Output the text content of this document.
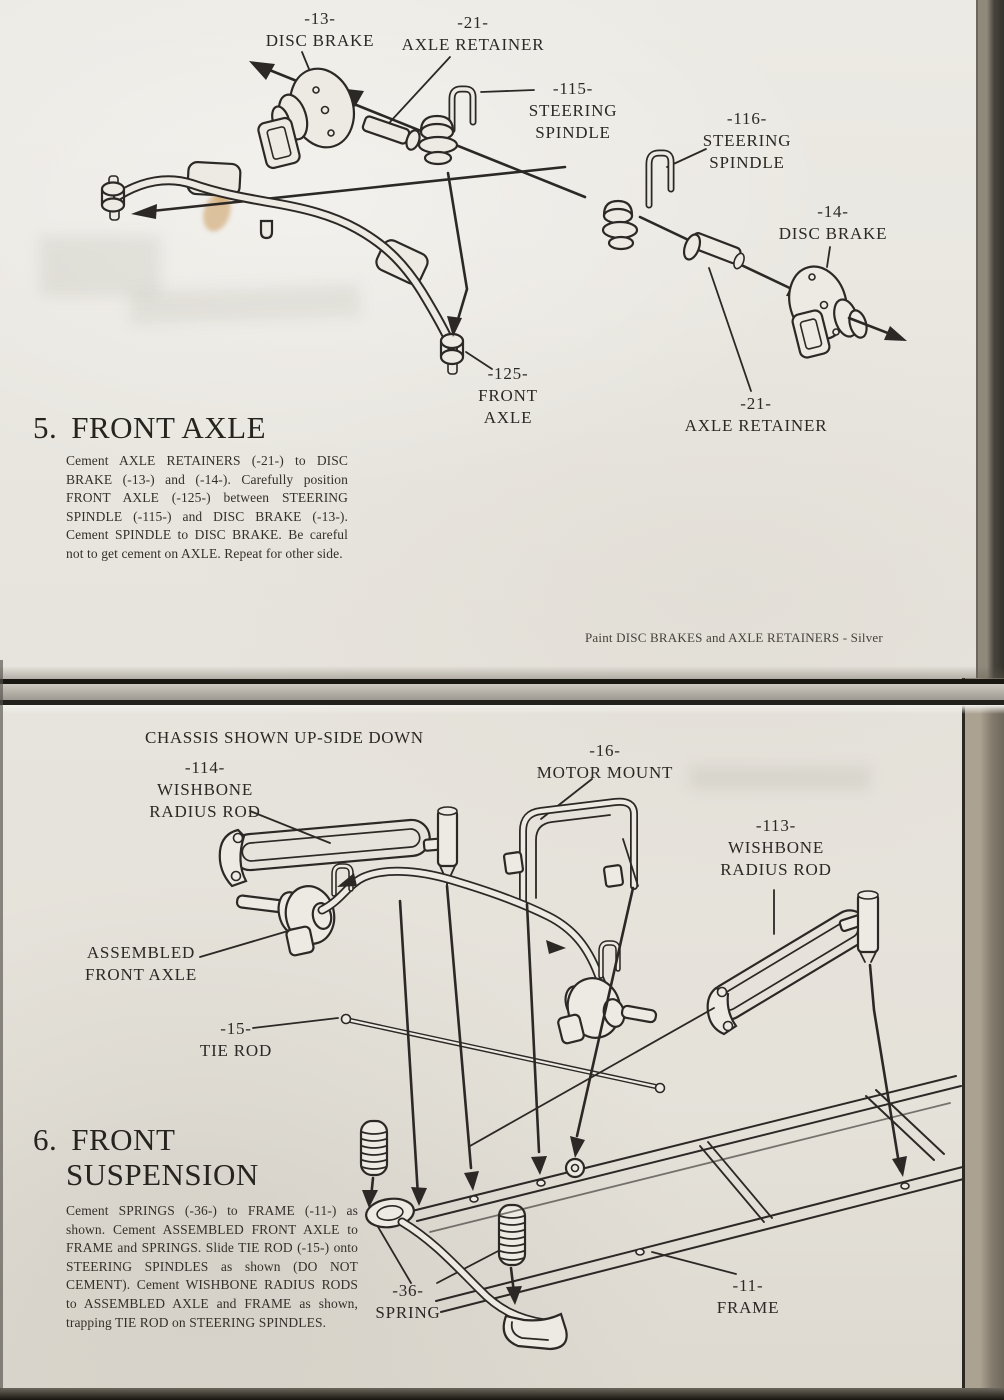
-13-
DISC BRAKE
-21-
AXLE RETAINER
-115-
STEERING
SPINDLE
-116-
STEERING
SPINDLE
-14-
DISC BRAKE
-125-
FRONT
AXLE
-21-
AXLE RETAINER
5. FRONT AXLE
Cement AXLE RETAINERS (-21-) to DISC BRAKE (-13-) and (-14-). Carefully position FRONT AXLE (-125-) between STEERING SPINDLE (-115-) and DISC BRAKE (-13-). Cement SPINDLE to DISC BRAKE. Be careful not to get cement on AXLE. Repeat for other side.
Paint DISC BRAKES and AXLE RETAINERS - Silver
CHASSIS SHOWN UP-SIDE DOWN
-114-
WISHBONE
RADIUS ROD
-16-
MOTOR MOUNT
-113-
WISHBONE
RADIUS ROD
ASSEMBLED
FRONT AXLE
-15-
TIE ROD
-36-
SPRING
-11-
FRAME
6. FRONT
SUSPENSION
Cement SPRINGS (-36-) to FRAME (-11-) as shown. Cement ASSEMBLED FRONT AXLE to FRAME and SPRINGS. Slide TIE ROD (-15-) onto STEERING SPINDLES as shown (DO NOT CEMENT). Cement WISHBONE RADIUS RODS to ASSEMBLED AXLE and FRAME as shown, trapping TIE ROD on STEERING SPINDLES.
